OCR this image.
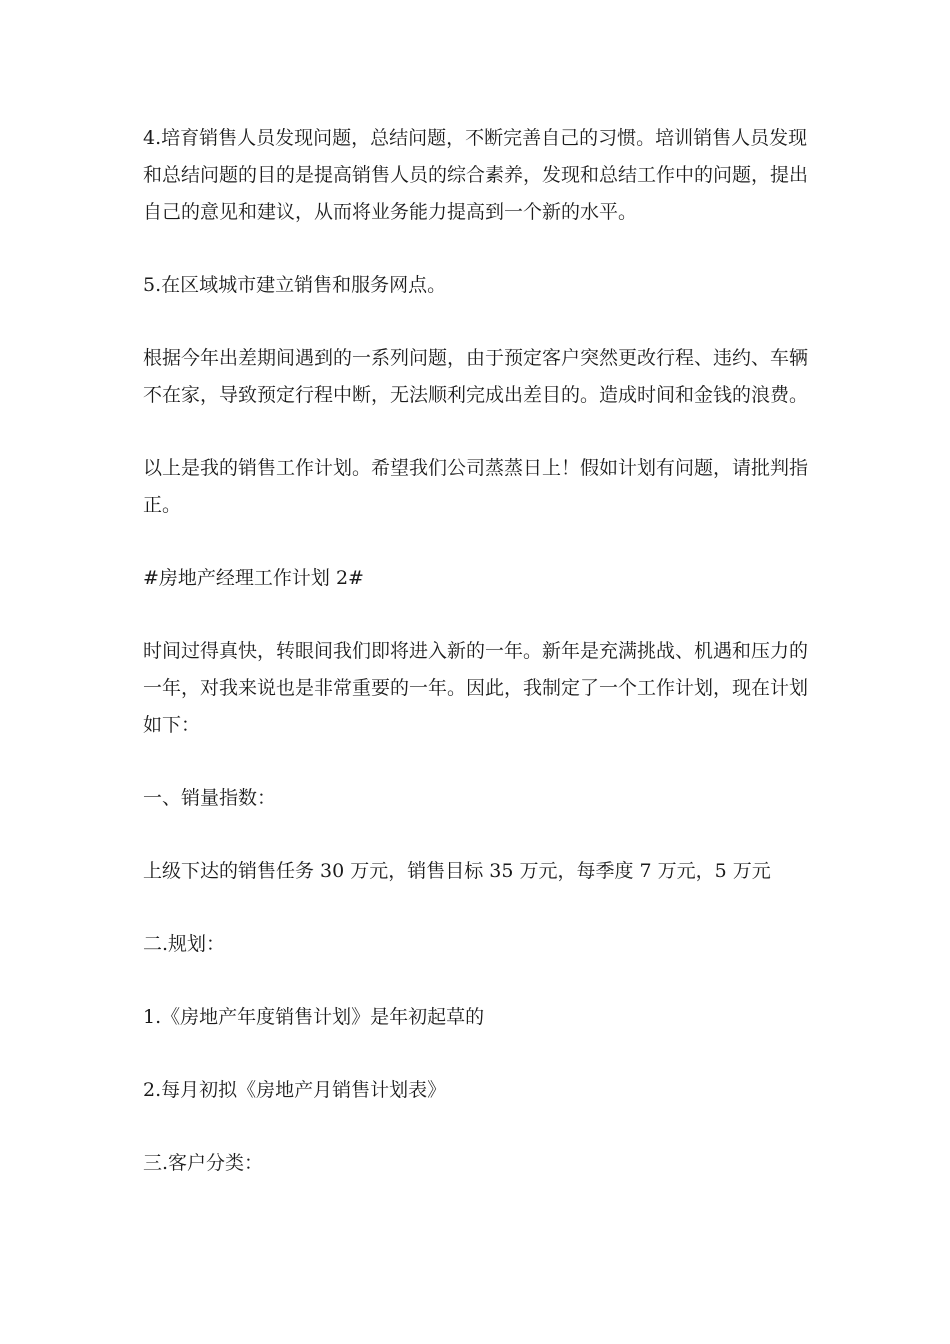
4.培育销售人员发现问题，总结问题，不断完善自己的习惯。培训销售人员发现和总结问题的目的是提高销售人员的综合素养，发现和总结工作中的问题，提出自己的意见和建议，从而将业务能力提高到一个新的水平。

5.在区域城市建立销售和服务网点。

根据今年出差期间遇到的一系列问题，由于预定客户突然更改行程、违约、车辆不在家，导致预定行程中断，无法顺利完成出差目的。造成时间和金钱的浪费。

以上是我的销售工作计划。希望我们公司蒸蒸日上！假如计划有问题，请批判指正。

#房地产经理工作计划 2#

时间过得真快，转眼间我们即将进入新的一年。新年是充满挑战、机遇和压力的一年，对我来说也是非常重要的一年。因此，我制定了一个工作计划，现在计划如下：

一、销量指数：

上级下达的销售任务 30 万元，销售目标 35 万元，每季度 7 万元，5 万元

二.规划：

1.《房地产年度销售计划》是年初起草的

2.每月初拟《房地产月销售计划表》

三.客户分类：
